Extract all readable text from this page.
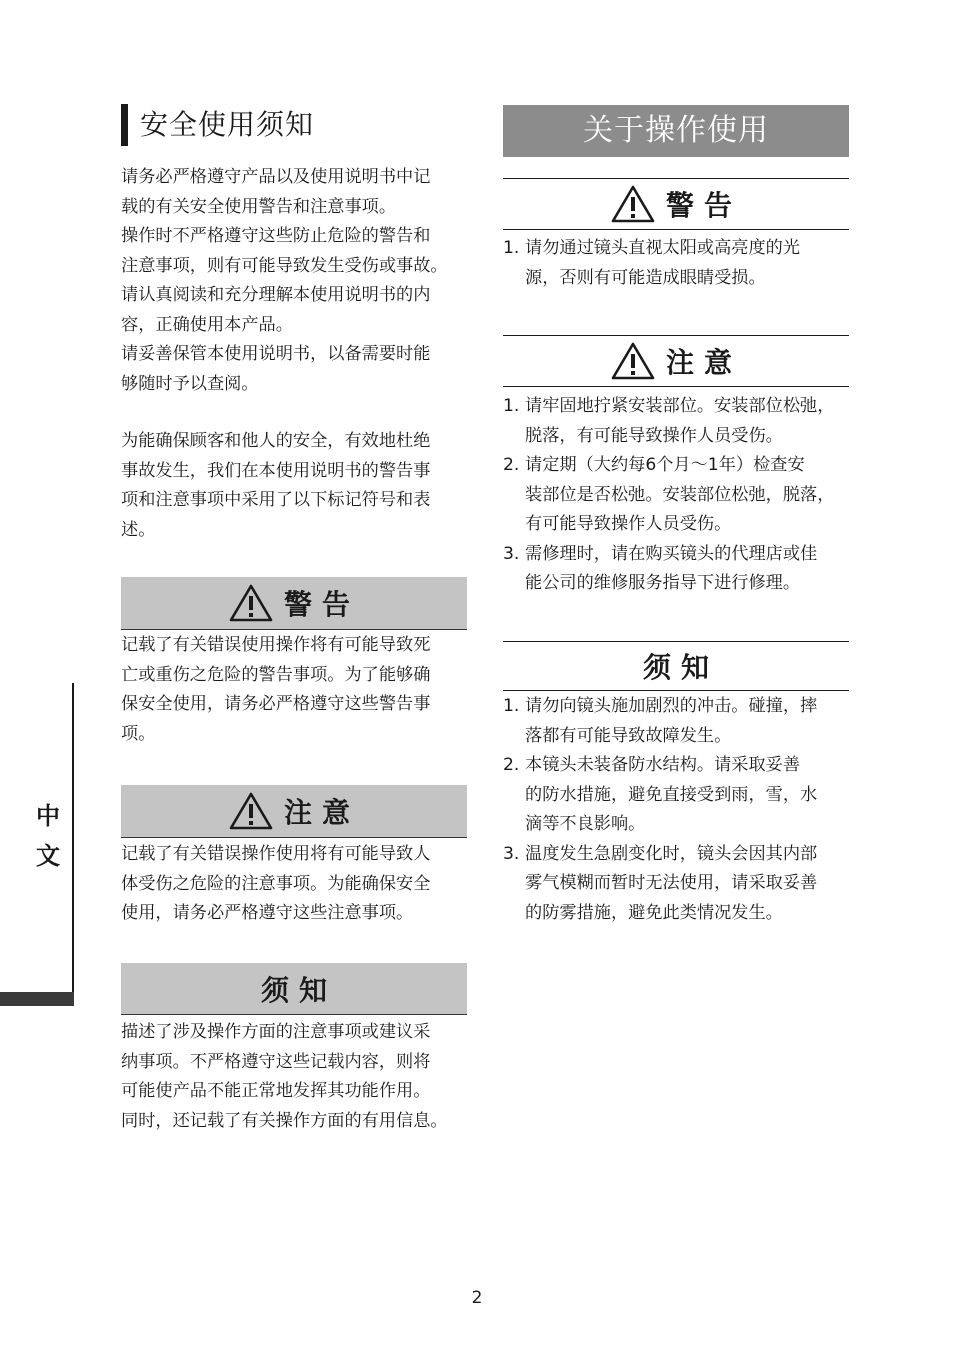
安全使用须知
请务必严格遵守产品以及使用说明书中记
载的有关安全使用警告和注意事项。
操作时不严格遵守这些防止危险的警告和
注意事项，则有可能导致发生受伤或事故。
请认真阅读和充分理解本使用说明书的内
容，正确使用本产品。
请妥善保管本使用说明书，以备需要时能
够随时予以查阅。
为能确保顾客和他人的安全，有效地杜绝
事故发生，我们在本使用说明书的警告事
项和注意事项中采用了以下标记符号和表
述。
警告
记载了有关错误使用操作将有可能导致死
亡或重伤之危险的警告事项。为了能够确
保安全使用，请务必严格遵守这些警告事
项。
注意
记载了有关错误操作使用将有可能导致人
体受伤之危险的注意事项。为能确保安全
使用，请务必严格遵守这些注意事项。
须知
描述了涉及操作方面的注意事项或建议采
纳事项。不严格遵守这些记载内容，则将
可能使产品不能正常地发挥其功能作用。
同时，还记载了有关操作方面的有用信息。
关于操作使用
警告
1. 请勿通过镜头直视太阳或高亮度的光
源，否则有可能造成眼睛受损。
注意
1. 请牢固地拧紧安装部位。安装部位松弛，
脱落，有可能导致操作人员受伤。
2. 请定期（大约每6个月～1年）检查安
装部位是否松弛。安装部位松弛，脱落，
有可能导致操作人员受伤。
3. 需修理时，请在购买镜头的代理店或佳
能公司的维修服务指导下进行修理。
须知
1. 请勿向镜头施加剧烈的冲击。碰撞，摔
落都有可能导致故障发生。
2. 本镜头未装备防水结构。请采取妥善
的防水措施，避免直接受到雨，雪，水
滴等不良影响。
3. 温度发生急剧变化时，镜头会因其内部
雾气模糊而暂时无法使用，请采取妥善
的防雾措施，避免此类情况发生。
中
文
2
